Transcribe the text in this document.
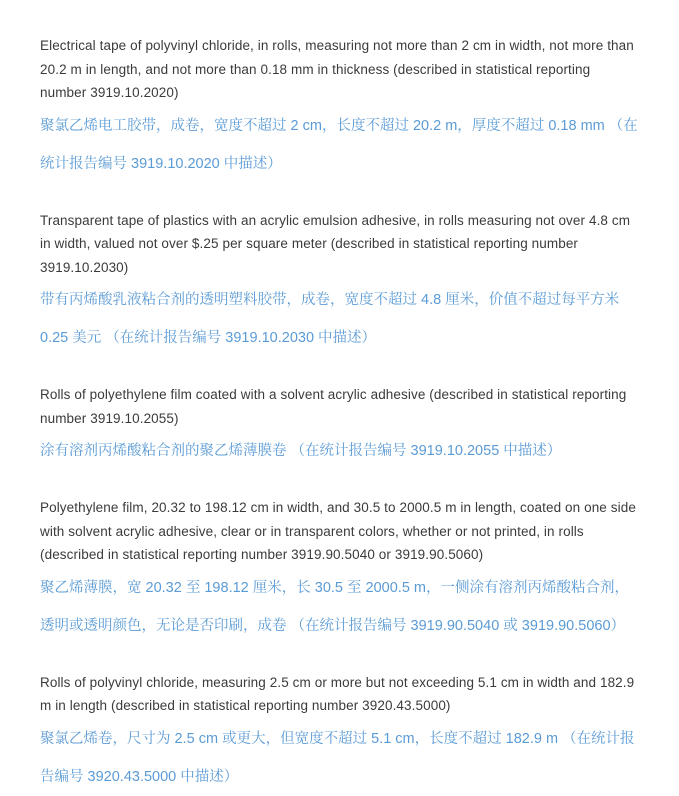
Electrical tape of polyvinyl chloride, in rolls, measuring not more than 2 cm in width, not more than 20.2 m in length, and not more than 0.18 mm in thickness (described in statistical reporting number 3919.10.2020)

聚氯乙烯电工胶带，成卷，宽度不超过 2 cm，长度不超过 20.2 m，厚度不超过 0.18 mm （在统计报告编号 3919.10.2020 中描述）

Transparent tape of plastics with an acrylic emulsion adhesive, in rolls measuring not over 4.8 cm in width, valued not over $.25 per square meter (described in statistical reporting number 3919.10.2030)

带有丙烯酸乳液粘合剂的透明塑料胶带，成卷，宽度不超过 4.8 厘米，价值不超过每平方米 0.25 美元 （在统计报告编号 3919.10.2030 中描述）

Rolls of polyethylene film coated with a solvent acrylic adhesive (described in statistical reporting number 3919.10.2055)

涂有溶剂丙烯酸粘合剂的聚乙烯薄膜卷 （在统计报告编号 3919.10.2055 中描述）

Polyethylene film, 20.32 to 198.12 cm in width, and 30.5 to 2000.5 m in length, coated on one side with solvent acrylic adhesive, clear or in transparent colors, whether or not printed, in rolls (described in statistical reporting number 3919.90.5040 or 3919.90.5060)

聚乙烯薄膜，宽 20.32 至 198.12 厘米，长 30.5 至 2000.5 m，一侧涂有溶剂丙烯酸粘合剂，透明或透明颜色，无论是否印刷，成卷 （在统计报告编号 3919.90.5040 或 3919.90.5060）

Rolls of polyvinyl chloride, measuring 2.5 cm or more but not exceeding 5.1 cm in width and 182.9 m in length (described in statistical reporting number 3920.43.5000)

聚氯乙烯卷，尺寸为 2.5 cm 或更大，但宽度不超过 5.1 cm，长度不超过 182.9 m （在统计报告编号 3920.43.5000 中描述）
